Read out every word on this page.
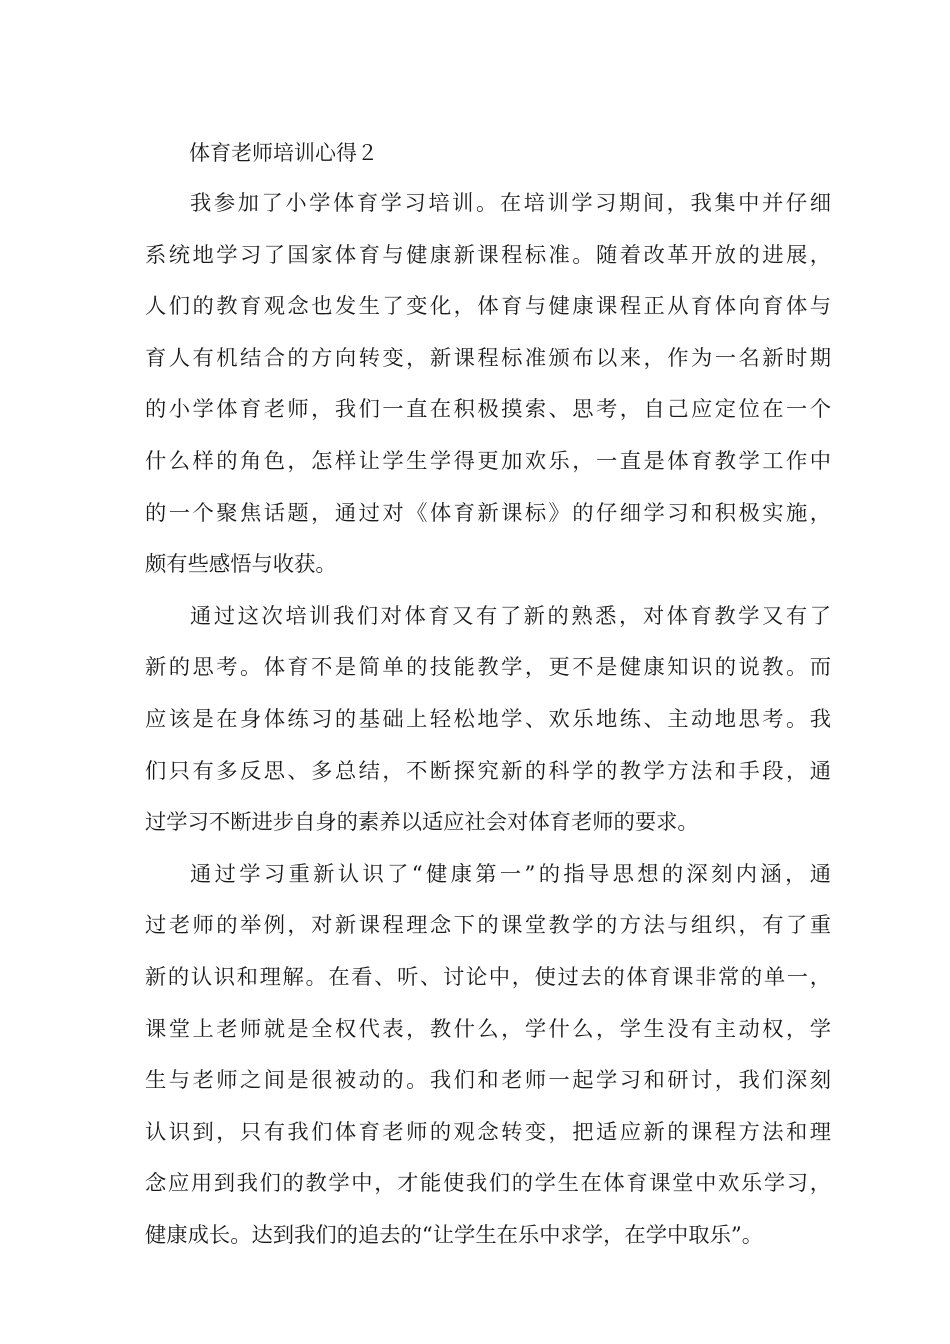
体育老师培训心得２

我参加了小学体育学习培训。在培训学习期间，我集中并仔细
系统地学习了国家体育与健康新课程标准。随着改革开放的进展，
人们的教育观念也发生了变化，体育与健康课程正从育体向育体与
育人有机结合的方向转变，新课程标准颁布以来，作为一名新时期
的小学体育老师，我们一直在积极摸索、思考，自己应定位在一个
什么样的角色，怎样让学生学得更加欢乐，一直是体育教学工作中
的一个聚焦话题，通过对《体育新课标》的仔细学习和积极实施，
颇有些感悟与收获。

通过这次培训我们对体育又有了新的熟悉，对体育教学又有了
新的思考。体育不是简单的技能教学，更不是健康知识的说教。而
应该是在身体练习的基础上轻松地学、欢乐地练、主动地思考。我
们只有多反思、多总结，不断探究新的科学的教学方法和手段，通
过学习不断进步自身的素养以适应社会对体育老师的要求。

通过学习重新认识了“健康第一”的指导思想的深刻内涵，通
过老师的举例，对新课程理念下的课堂教学的方法与组织，有了重
新的认识和理解。在看、听、讨论中，使过去的体育课非常的单一，
课堂上老师就是全权代表，教什么，学什么，学生没有主动权，学
生与老师之间是很被动的。我们和老师一起学习和研讨，我们深刻
认识到，只有我们体育老师的观念转变，把适应新的课程方法和理
念应用到我们的教学中，才能使我们的学生在体育课堂中欢乐学习，
健康成长。达到我们的追去的“让学生在乐中求学，在学中取乐”。
